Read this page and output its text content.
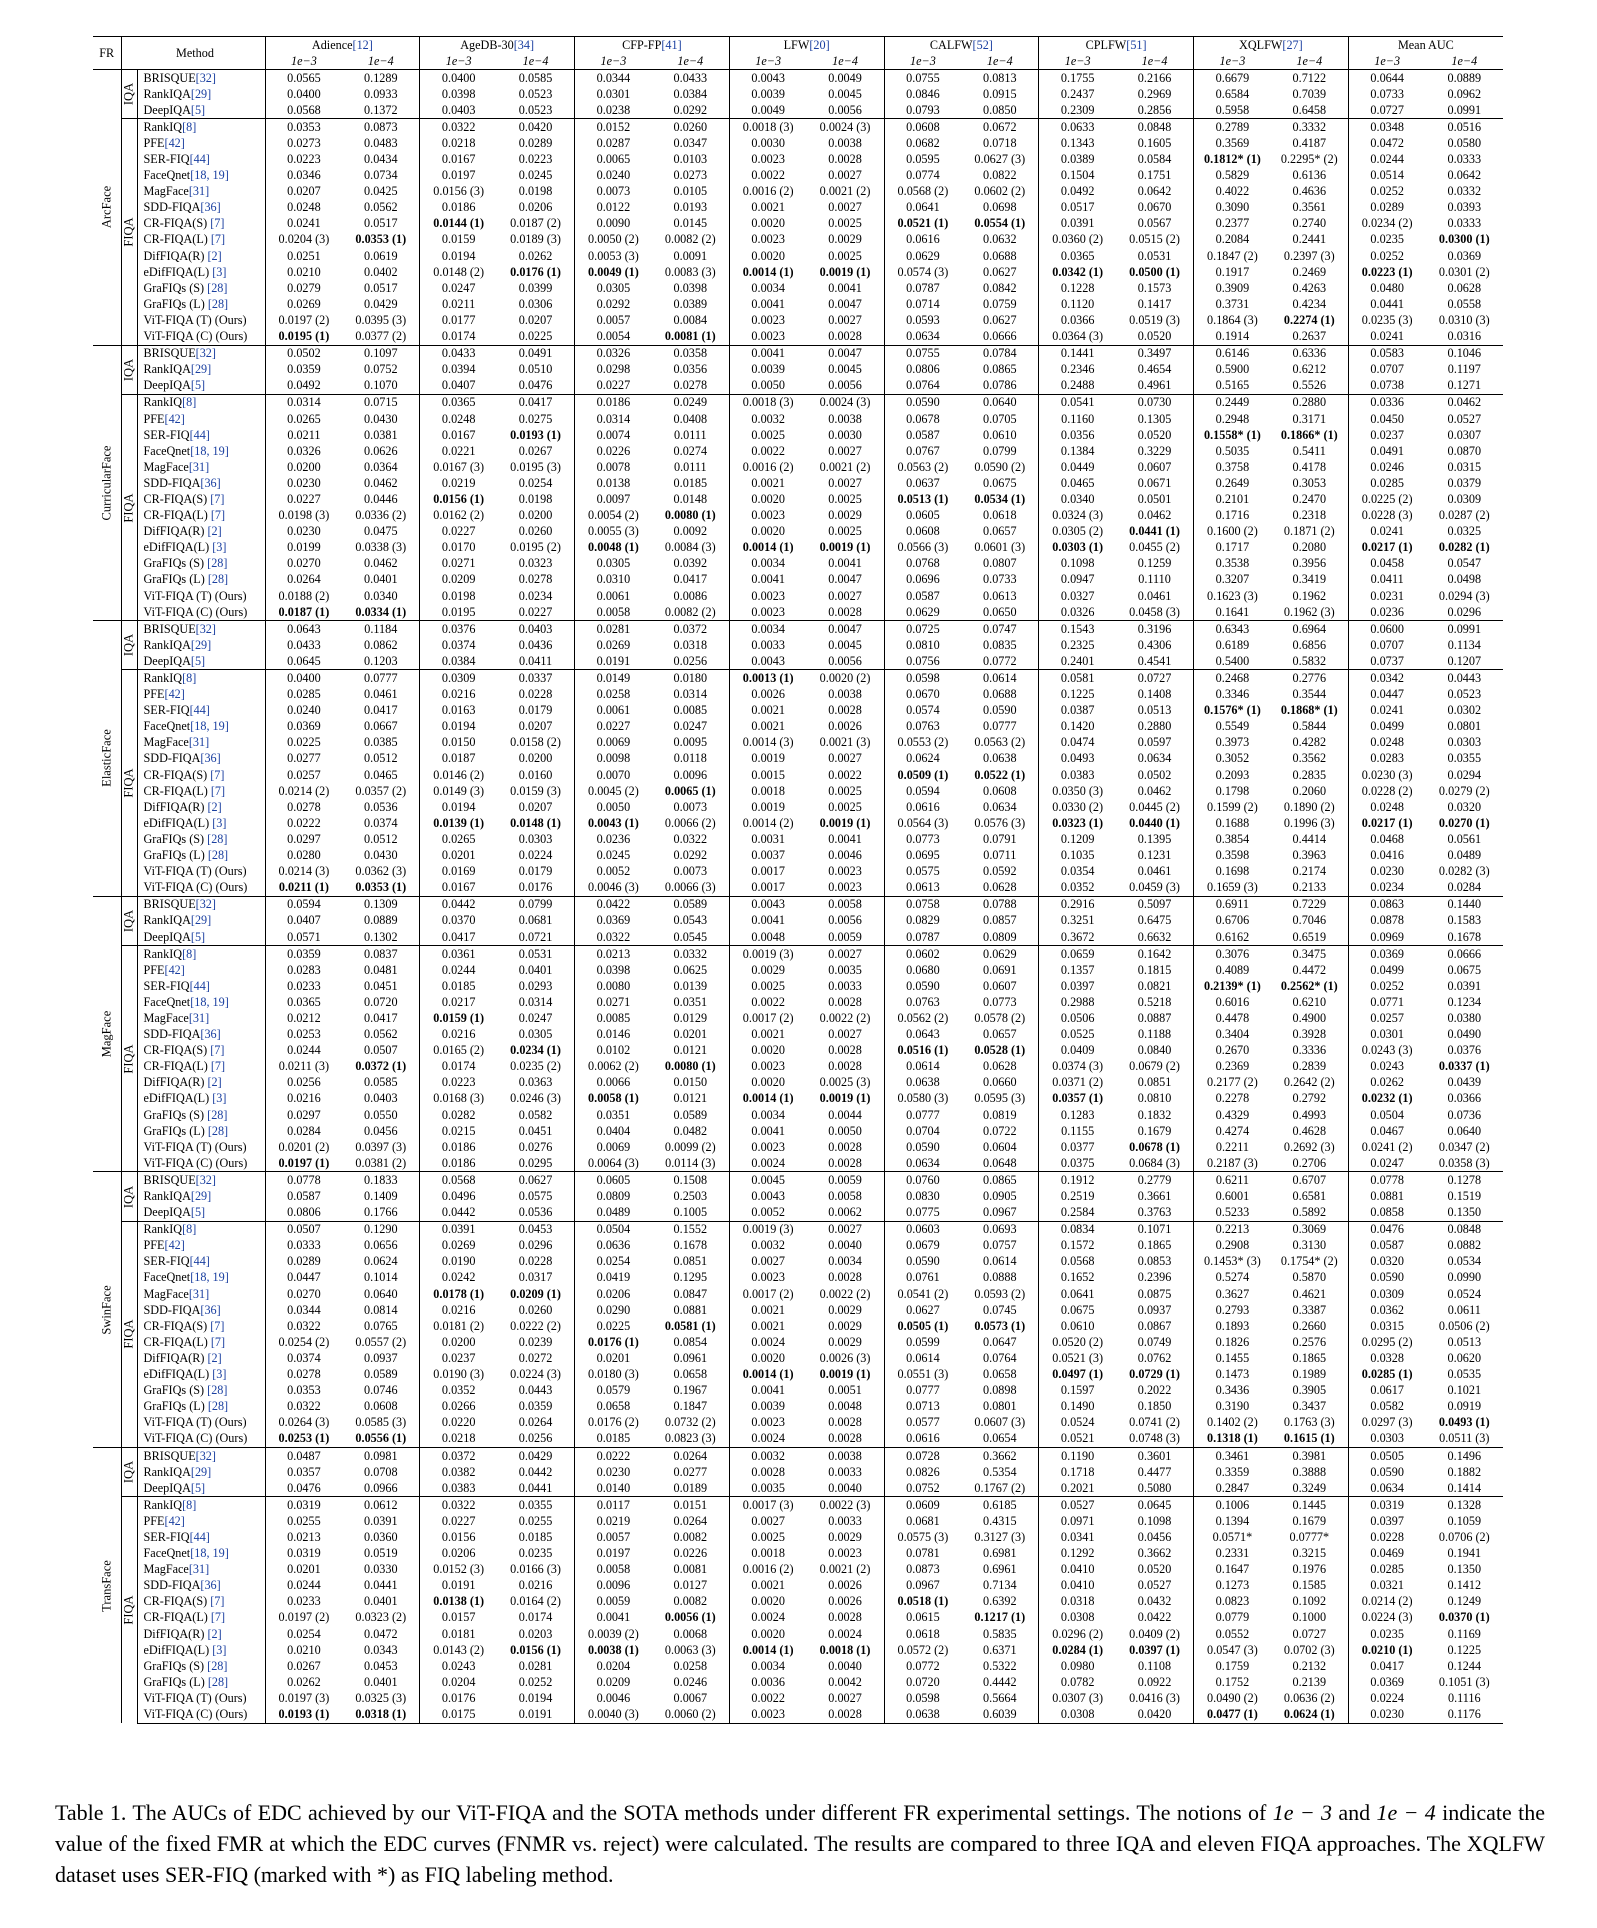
FR	Method		Adience[12]		AgeDB-30[34]		CFP-FP[41]		LFW[20]		CALFW[52]		CPLFW[51]		XQLFW[27]		Mean AUC	
			1e−3	1e−4	1e−3	1e−4	1e−3	1e−4	1e−3	1e−4	1e−3	1e−4	1e−3	1e−4	1e−3	1e−4	1e−3	1e−4

ArcFace	IQA	BRISQUE[32]	0.0565	0.1289	0.0400	0.0585	0.0344	0.0433	0.0043	0.0049	0.0755	0.0813	0.1755	0.2166	0.6679	0.7122	0.0644	0.0889
		RankIQA[29]	0.0400	0.0933	0.0398	0.0523	0.0301	0.0384	0.0039	0.0045	0.0846	0.0915	0.2437	0.2969	0.6584	0.7039	0.0733	0.0962
		DeepIQA[5]	0.0568	0.1372	0.0403	0.0523	0.0238	0.0292	0.0049	0.0056	0.0793	0.0850	0.2309	0.2856	0.5958	0.6458	0.0727	0.0991

	FIQA	RankIQ[8]	0.0353	0.0873	0.0322	0.0420	0.0152	0.0260	0.0018 (3)	0.0024 (3)	0.0608	0.0672	0.0633	0.0848	0.2789	0.3332	0.0348	0.0516
		PFE[42]	0.0273	0.0483	0.0218	0.0289	0.0287	0.0347	0.0030	0.0038	0.0682	0.0718	0.1343	0.1605	0.3569	0.4187	0.0472	0.0580
		SER-FIQ[44]	0.0223	0.0434	0.0167	0.0223	0.0065	0.0103	0.0023	0.0028	0.0595	0.0627 (3)	0.0389	0.0584	0.1812* (1)	0.2295* (2)	0.0244	0.0333
		FaceQnet[18, 19]	0.0346	0.0734	0.0197	0.0245	0.0240	0.0273	0.0022	0.0027	0.0774	0.0822	0.1504	0.1751	0.5829	0.6136	0.0514	0.0642
		MagFace[31]	0.0207	0.0425	0.0156 (3)	0.0198	0.0073	0.0105	0.0016 (2)	0.0021 (2)	0.0568 (2)	0.0602 (2)	0.0492	0.0642	0.4022	0.4636	0.0252	0.0332
		SDD-FIQA[36]	0.0248	0.0562	0.0186	0.0206	0.0122	0.0193	0.0021	0.0027	0.0641	0.0698	0.0517	0.0670	0.3090	0.3561	0.0289	0.0393
		CR-FIQA(S) [7]	0.0241	0.0517	0.0144 (1)	0.0187 (2)	0.0090	0.0145	0.0020	0.0025	0.0521 (1)	0.0554 (1)	0.0391	0.0567	0.2377	0.2740	0.0234 (2)	0.0333
		CR-FIQA(L) [7]	0.0204 (3)	0.0353 (1)	0.0159	0.0189 (3)	0.0050 (2)	0.0082 (2)	0.0023	0.0029	0.0616	0.0632	0.0360 (2)	0.0515 (2)	0.2084	0.2441	0.0235	0.0300 (1)
		DifFIQA(R) [2]	0.0251	0.0619	0.0194	0.0262	0.0053 (3)	0.0091	0.0020	0.0025	0.0629	0.0688	0.0365	0.0531	0.1847 (2)	0.2397 (3)	0.0252	0.0369
		eDifFIQA(L) [3]	0.0210	0.0402	0.0148 (2)	0.0176 (1)	0.0049 (1)	0.0083 (3)	0.0014 (1)	0.0019 (1)	0.0574 (3)	0.0627	0.0342 (1)	0.0500 (1)	0.1917	0.2469	0.0223 (1)	0.0301 (2)
		GraFIQs (S) [28]	0.0279	0.0517	0.0247	0.0399	0.0305	0.0398	0.0034	0.0041	0.0787	0.0842	0.1228	0.1573	0.3909	0.4263	0.0480	0.0628
		GraFIQs (L) [28]	0.0269	0.0429	0.0211	0.0306	0.0292	0.0389	0.0041	0.0047	0.0714	0.0759	0.1120	0.1417	0.3731	0.4234	0.0441	0.0558
		ViT-FIQA (T) (Ours)	0.0197 (2)	0.0395 (3)	0.0177	0.0207	0.0057	0.0084	0.0023	0.0027	0.0593	0.0627	0.0366	0.0519 (3)	0.1864 (3)	0.2274 (1)	0.0235 (3)	0.0310 (3)
		ViT-FIQA (C) (Ours)	0.0195 (1)	0.0377 (2)	0.0174	0.0225	0.0054	0.0081 (1)	0.0023	0.0028	0.0634	0.0666	0.0364 (3)	0.0520	0.1914	0.2637	0.0241	0.0316

CurricularFace	IQA	BRISQUE[32]	0.0502	0.1097	0.0433	0.0491	0.0326	0.0358	0.0041	0.0047	0.0755	0.0784	0.1441	0.3497	0.6146	0.6336	0.0583	0.1046
		RankIQA[29]	0.0359	0.0752	0.0394	0.0510	0.0298	0.0356	0.0039	0.0045	0.0806	0.0865	0.2346	0.4654	0.5900	0.6212	0.0707	0.1197
		DeepIQA[5]	0.0492	0.1070	0.0407	0.0476	0.0227	0.0278	0.0050	0.0056	0.0764	0.0786	0.2488	0.4961	0.5165	0.5526	0.0738	0.1271

	FIQA	RankIQ[8]	0.0314	0.0715	0.0365	0.0417	0.0186	0.0249	0.0018 (3)	0.0024 (3)	0.0590	0.0640	0.0541	0.0730	0.2449	0.2880	0.0336	0.0462
		PFE[42]	0.0265	0.0430	0.0248	0.0275	0.0314	0.0408	0.0032	0.0038	0.0678	0.0705	0.1160	0.1305	0.2948	0.3171	0.0450	0.0527
		SER-FIQ[44]	0.0211	0.0381	0.0167	0.0193 (1)	0.0074	0.0111	0.0025	0.0030	0.0587	0.0610	0.0356	0.0520	0.1558* (1)	0.1866* (1)	0.0237	0.0307
		FaceQnet[18, 19]	0.0326	0.0626	0.0221	0.0267	0.0226	0.0274	0.0022	0.0027	0.0767	0.0799	0.1384	0.3229	0.5035	0.5411	0.0491	0.0870
		MagFace[31]	0.0200	0.0364	0.0167 (3)	0.0195 (3)	0.0078	0.0111	0.0016 (2)	0.0021 (2)	0.0563 (2)	0.0590 (2)	0.0449	0.0607	0.3758	0.4178	0.0246	0.0315
		SDD-FIQA[36]	0.0230	0.0462	0.0219	0.0254	0.0138	0.0185	0.0021	0.0027	0.0637	0.0675	0.0465	0.0671	0.2649	0.3053	0.0285	0.0379
		CR-FIQA(S) [7]	0.0227	0.0446	0.0156 (1)	0.0198	0.0097	0.0148	0.0020	0.0025	0.0513 (1)	0.0534 (1)	0.0340	0.0501	0.2101	0.2470	0.0225 (2)	0.0309
		CR-FIQA(L) [7]	0.0198 (3)	0.0336 (2)	0.0162 (2)	0.0200	0.0054 (2)	0.0080 (1)	0.0023	0.0029	0.0605	0.0618	0.0324 (3)	0.0462	0.1716	0.2318	0.0228 (3)	0.0287 (2)
		DifFIQA(R) [2]	0.0230	0.0475	0.0227	0.0260	0.0055 (3)	0.0092	0.0020	0.0025	0.0608	0.0657	0.0305 (2)	0.0441 (1)	0.1600 (2)	0.1871 (2)	0.0241	0.0325
		eDifFIQA(L) [3]	0.0199	0.0338 (3)	0.0170	0.0195 (2)	0.0048 (1)	0.0084 (3)	0.0014 (1)	0.0019 (1)	0.0566 (3)	0.0601 (3)	0.0303 (1)	0.0455 (2)	0.1717	0.2080	0.0217 (1)	0.0282 (1)
		GraFIQs (S) [28]	0.0270	0.0462	0.0271	0.0323	0.0305	0.0392	0.0034	0.0041	0.0768	0.0807	0.1098	0.1259	0.3538	0.3956	0.0458	0.0547
		GraFIQs (L) [28]	0.0264	0.0401	0.0209	0.0278	0.0310	0.0417	0.0041	0.0047	0.0696	0.0733	0.0947	0.1110	0.3207	0.3419	0.0411	0.0498
		ViT-FIQA (T) (Ours)	0.0188 (2)	0.0340	0.0198	0.0234	0.0061	0.0086	0.0023	0.0027	0.0587	0.0613	0.0327	0.0461	0.1623 (3)	0.1962	0.0231	0.0294 (3)
		ViT-FIQA (C) (Ours)	0.0187 (1)	0.0334 (1)	0.0195	0.0227	0.0058	0.0082 (2)	0.0023	0.0028	0.0629	0.0650	0.0326	0.0458 (3)	0.1641	0.1962 (3)	0.0236	0.0296

ElasticFace	IQA	BRISQUE[32]	0.0643	0.1184	0.0376	0.0403	0.0281	0.0372	0.0034	0.0047	0.0725	0.0747	0.1543	0.3196	0.6343	0.6964	0.0600	0.0991
		RankIQA[29]	0.0433	0.0862	0.0374	0.0436	0.0269	0.0318	0.0033	0.0045	0.0810	0.0835	0.2325	0.4306	0.6189	0.6856	0.0707	0.1134
		DeepIQA[5]	0.0645	0.1203	0.0384	0.0411	0.0191	0.0256	0.0043	0.0056	0.0756	0.0772	0.2401	0.4541	0.5400	0.5832	0.0737	0.1207

	FIQA	RankIQ[8]	0.0400	0.0777	0.0309	0.0337	0.0149	0.0180	0.0013 (1)	0.0020 (2)	0.0598	0.0614	0.0581	0.0727	0.2468	0.2776	0.0342	0.0443
		PFE[42]	0.0285	0.0461	0.0216	0.0228	0.0258	0.0314	0.0026	0.0038	0.0670	0.0688	0.1225	0.1408	0.3346	0.3544	0.0447	0.0523
		SER-FIQ[44]	0.0240	0.0417	0.0163	0.0179	0.0061	0.0085	0.0021	0.0028	0.0574	0.0590	0.0387	0.0513	0.1576* (1)	0.1868* (1)	0.0241	0.0302
		FaceQnet[18, 19]	0.0369	0.0667	0.0194	0.0207	0.0227	0.0247	0.0021	0.0026	0.0763	0.0777	0.1420	0.2880	0.5549	0.5844	0.0499	0.0801
		MagFace[31]	0.0225	0.0385	0.0150	0.0158 (2)	0.0069	0.0095	0.0014 (3)	0.0021 (3)	0.0553 (2)	0.0563 (2)	0.0474	0.0597	0.3973	0.4282	0.0248	0.0303
		SDD-FIQA[36]	0.0277	0.0512	0.0187	0.0200	0.0098	0.0118	0.0019	0.0027	0.0624	0.0638	0.0493	0.0634	0.3052	0.3562	0.0283	0.0355
		CR-FIQA(S) [7]	0.0257	0.0465	0.0146 (2)	0.0160	0.0070	0.0096	0.0015	0.0022	0.0509 (1)	0.0522 (1)	0.0383	0.0502	0.2093	0.2835	0.0230 (3)	0.0294
		CR-FIQA(L) [7]	0.0214 (2)	0.0357 (2)	0.0149 (3)	0.0159 (3)	0.0045 (2)	0.0065 (1)	0.0018	0.0025	0.0594	0.0608	0.0350 (3)	0.0462	0.1798	0.2060	0.0228 (2)	0.0279 (2)
		DifFIQA(R) [2]	0.0278	0.0536	0.0194	0.0207	0.0050	0.0073	0.0019	0.0025	0.0616	0.0634	0.0330 (2)	0.0445 (2)	0.1599 (2)	0.1890 (2)	0.0248	0.0320
		eDifFIQA(L) [3]	0.0222	0.0374	0.0139 (1)	0.0148 (1)	0.0043 (1)	0.0066 (2)	0.0014 (2)	0.0019 (1)	0.0564 (3)	0.0576 (3)	0.0323 (1)	0.0440 (1)	0.1688	0.1996 (3)	0.0217 (1)	0.0270 (1)
		GraFIQs (S) [28]	0.0297	0.0512	0.0265	0.0303	0.0236	0.0322	0.0031	0.0041	0.0773	0.0791	0.1209	0.1395	0.3854	0.4414	0.0468	0.0561
		GraFIQs (L) [28]	0.0280	0.0430	0.0201	0.0224	0.0245	0.0292	0.0037	0.0046	0.0695	0.0711	0.1035	0.1231	0.3598	0.3963	0.0416	0.0489
		ViT-FIQA (T) (Ours)	0.0214 (3)	0.0362 (3)	0.0169	0.0179	0.0052	0.0073	0.0017	0.0023	0.0575	0.0592	0.0354	0.0461	0.1698	0.2174	0.0230	0.0282 (3)
		ViT-FIQA (C) (Ours)	0.0211 (1)	0.0353 (1)	0.0167	0.0176	0.0046 (3)	0.0066 (3)	0.0017	0.0023	0.0613	0.0628	0.0352	0.0459 (3)	0.1659 (3)	0.2133	0.0234	0.0284

MagFace	IQA	BRISQUE[32]	0.0594	0.1309	0.0442	0.0799	0.0422	0.0589	0.0043	0.0058	0.0758	0.0788	0.2916	0.5097	0.6911	0.7229	0.0863	0.1440
		RankIQA[29]	0.0407	0.0889	0.0370	0.0681	0.0369	0.0543	0.0041	0.0056	0.0829	0.0857	0.3251	0.6475	0.6706	0.7046	0.0878	0.1583
		DeepIQA[5]	0.0571	0.1302	0.0417	0.0721	0.0322	0.0545	0.0048	0.0059	0.0787	0.0809	0.3672	0.6632	0.6162	0.6519	0.0969	0.1678

	FIQA	RankIQ[8]	0.0359	0.0837	0.0361	0.0531	0.0213	0.0332	0.0019 (3)	0.0027	0.0602	0.0629	0.0659	0.1642	0.3076	0.3475	0.0369	0.0666
		PFE[42]	0.0283	0.0481	0.0244	0.0401	0.0398	0.0625	0.0029	0.0035	0.0680	0.0691	0.1357	0.1815	0.4089	0.4472	0.0499	0.0675
		SER-FIQ[44]	0.0233	0.0451	0.0185	0.0293	0.0080	0.0139	0.0025	0.0033	0.0590	0.0607	0.0397	0.0821	0.2139* (1)	0.2562* (1)	0.0252	0.0391
		FaceQnet[18, 19]	0.0365	0.0720	0.0217	0.0314	0.0271	0.0351	0.0022	0.0028	0.0763	0.0773	0.2988	0.5218	0.6016	0.6210	0.0771	0.1234
		MagFace[31]	0.0212	0.0417	0.0159 (1)	0.0247	0.0085	0.0129	0.0017 (2)	0.0022 (2)	0.0562 (2)	0.0578 (2)	0.0506	0.0887	0.4478	0.4900	0.0257	0.0380
		SDD-FIQA[36]	0.0253	0.0562	0.0216	0.0305	0.0146	0.0201	0.0021	0.0027	0.0643	0.0657	0.0525	0.1188	0.3404	0.3928	0.0301	0.0490
		CR-FIQA(S) [7]	0.0244	0.0507	0.0165 (2)	0.0234 (1)	0.0102	0.0121	0.0020	0.0028	0.0516 (1)	0.0528 (1)	0.0409	0.0840	0.2670	0.3336	0.0243 (3)	0.0376
		CR-FIQA(L) [7]	0.0211 (3)	0.0372 (1)	0.0174	0.0235 (2)	0.0062 (2)	0.0080 (1)	0.0023	0.0028	0.0614	0.0628	0.0374 (3)	0.0679 (2)	0.2369	0.2839	0.0243	0.0337 (1)
		DifFIQA(R) [2]	0.0256	0.0585	0.0223	0.0363	0.0066	0.0150	0.0020	0.0025 (3)	0.0638	0.0660	0.0371 (2)	0.0851	0.2177 (2)	0.2642 (2)	0.0262	0.0439
		eDifFIQA(L) [3]	0.0216	0.0403	0.0168 (3)	0.0246 (3)	0.0058 (1)	0.0121	0.0014 (1)	0.0019 (1)	0.0580 (3)	0.0595 (3)	0.0357 (1)	0.0810	0.2278	0.2792	0.0232 (1)	0.0366
		GraFIQs (S) [28]	0.0297	0.0550	0.0282	0.0582	0.0351	0.0589	0.0034	0.0044	0.0777	0.0819	0.1283	0.1832	0.4329	0.4993	0.0504	0.0736
		GraFIQs (L) [28]	0.0284	0.0456	0.0215	0.0451	0.0404	0.0482	0.0041	0.0050	0.0704	0.0722	0.1155	0.1679	0.4274	0.4628	0.0467	0.0640
		ViT-FIQA (T) (Ours)	0.0201 (2)	0.0397 (3)	0.0186	0.0276	0.0069	0.0099 (2)	0.0023	0.0028	0.0590	0.0604	0.0377	0.0678 (1)	0.2211	0.2692 (3)	0.0241 (2)	0.0347 (2)
		ViT-FIQA (C) (Ours)	0.0197 (1)	0.0381 (2)	0.0186	0.0295	0.0064 (3)	0.0114 (3)	0.0024	0.0028	0.0634	0.0648	0.0375	0.0684 (3)	0.2187 (3)	0.2706	0.0247	0.0358 (3)

SwinFace	IQA	BRISQUE[32]	0.0778	0.1833	0.0568	0.0627	0.0605	0.1508	0.0045	0.0059	0.0760	0.0865	0.1912	0.2779	0.6211	0.6707	0.0778	0.1278
		RankIQA[29]	0.0587	0.1409	0.0496	0.0575	0.0809	0.2503	0.0043	0.0058	0.0830	0.0905	0.2519	0.3661	0.6001	0.6581	0.0881	0.1519
		DeepIQA[5]	0.0806	0.1766	0.0442	0.0536	0.0489	0.1005	0.0052	0.0062	0.0775	0.0967	0.2584	0.3763	0.5233	0.5892	0.0858	0.1350

	FIQA	RankIQ[8]	0.0507	0.1290	0.0391	0.0453	0.0504	0.1552	0.0019 (3)	0.0027	0.0603	0.0693	0.0834	0.1071	0.2213	0.3069	0.0476	0.0848
		PFE[42]	0.0333	0.0656	0.0269	0.0296	0.0636	0.1678	0.0032	0.0040	0.0679	0.0757	0.1572	0.1865	0.2908	0.3130	0.0587	0.0882
		SER-FIQ[44]	0.0289	0.0624	0.0190	0.0228	0.0254	0.0851	0.0027	0.0034	0.0590	0.0614	0.0568	0.0853	0.1453* (3)	0.1754* (2)	0.0320	0.0534
		FaceQnet[18, 19]	0.0447	0.1014	0.0242	0.0317	0.0419	0.1295	0.0023	0.0028	0.0761	0.0888	0.1652	0.2396	0.5274	0.5870	0.0590	0.0990
		MagFace[31]	0.0270	0.0640	0.0178 (1)	0.0209 (1)	0.0206	0.0847	0.0017 (2)	0.0022 (2)	0.0541 (2)	0.0593 (2)	0.0641	0.0875	0.3627	0.4621	0.0309	0.0524
		SDD-FIQA[36]	0.0344	0.0814	0.0216	0.0260	0.0290	0.0881	0.0021	0.0029	0.0627	0.0745	0.0675	0.0937	0.2793	0.3387	0.0362	0.0611
		CR-FIQA(S) [7]	0.0322	0.0765	0.0181 (2)	0.0222 (2)	0.0225	0.0581 (1)	0.0021	0.0029	0.0505 (1)	0.0573 (1)	0.0610	0.0867	0.1893	0.2660	0.0315	0.0506 (2)
		CR-FIQA(L) [7]	0.0254 (2)	0.0557 (2)	0.0200	0.0239	0.0176 (1)	0.0854	0.0024	0.0029	0.0599	0.0647	0.0520 (2)	0.0749	0.1826	0.2576	0.0295 (2)	0.0513
		DifFIQA(R) [2]	0.0374	0.0937	0.0237	0.0272	0.0201	0.0961	0.0020	0.0026 (3)	0.0614	0.0764	0.0521 (3)	0.0762	0.1455	0.1865	0.0328	0.0620
		eDifFIQA(L) [3]	0.0278	0.0589	0.0190 (3)	0.0224 (3)	0.0180 (3)	0.0658	0.0014 (1)	0.0019 (1)	0.0551 (3)	0.0658	0.0497 (1)	0.0729 (1)	0.1473	0.1989	0.0285 (1)	0.0535
		GraFIQs (S) [28]	0.0353	0.0746	0.0352	0.0443	0.0579	0.1967	0.0041	0.0051	0.0777	0.0898	0.1597	0.2022	0.3436	0.3905	0.0617	0.1021
		GraFIQs (L) [28]	0.0322	0.0608	0.0266	0.0359	0.0658	0.1847	0.0039	0.0048	0.0713	0.0801	0.1490	0.1850	0.3190	0.3437	0.0582	0.0919
		ViT-FIQA (T) (Ours)	0.0264 (3)	0.0585 (3)	0.0220	0.0264	0.0176 (2)	0.0732 (2)	0.0023	0.0028	0.0577	0.0607 (3)	0.0524	0.0741 (2)	0.1402 (2)	0.1763 (3)	0.0297 (3)	0.0493 (1)
		ViT-FIQA (C) (Ours)	0.0253 (1)	0.0556 (1)	0.0218	0.0256	0.0185	0.0823 (3)	0.0024	0.0028	0.0616	0.0654	0.0521	0.0748 (3)	0.1318 (1)	0.1615 (1)	0.0303	0.0511 (3)

TransFace	IQA	BRISQUE[32]	0.0487	0.0981	0.0372	0.0429	0.0222	0.0264	0.0032	0.0038	0.0728	0.3662	0.1190	0.3601	0.3461	0.3981	0.0505	0.1496
		RankIQA[29]	0.0357	0.0708	0.0382	0.0442	0.0230	0.0277	0.0028	0.0033	0.0826	0.5354	0.1718	0.4477	0.3359	0.3888	0.0590	0.1882
		DeepIQA[5]	0.0476	0.0966	0.0383	0.0441	0.0140	0.0189	0.0035	0.0040	0.0752	0.1767 (2)	0.2021	0.5080	0.2847	0.3249	0.0634	0.1414

	FIQA	RankIQ[8]	0.0319	0.0612	0.0322	0.0355	0.0117	0.0151	0.0017 (3)	0.0022 (3)	0.0609	0.6185	0.0527	0.0645	0.1006	0.1445	0.0319	0.1328
		PFE[42]	0.0255	0.0391	0.0227	0.0255	0.0219	0.0264	0.0027	0.0033	0.0681	0.4315	0.0971	0.1098	0.1394	0.1679	0.0397	0.1059
		SER-FIQ[44]	0.0213	0.0360	0.0156	0.0185	0.0057	0.0082	0.0025	0.0029	0.0575 (3)	0.3127 (3)	0.0341	0.0456	0.0571*	0.0777*	0.0228	0.0706 (2)
		FaceQnet[18, 19]	0.0319	0.0519	0.0206	0.0235	0.0197	0.0226	0.0018	0.0023	0.0781	0.6981	0.1292	0.3662	0.2331	0.3215	0.0469	0.1941
		MagFace[31]	0.0201	0.0330	0.0152 (3)	0.0166 (3)	0.0058	0.0081	0.0016 (2)	0.0021 (2)	0.0873	0.6961	0.0410	0.0520	0.1647	0.1976	0.0285	0.1350
		SDD-FIQA[36]	0.0244	0.0441	0.0191	0.0216	0.0096	0.0127	0.0021	0.0026	0.0967	0.7134	0.0410	0.0527	0.1273	0.1585	0.0321	0.1412
		CR-FIQA(S) [7]	0.0233	0.0401	0.0138 (1)	0.0164 (2)	0.0059	0.0082	0.0020	0.0026	0.0518 (1)	0.6392	0.0318	0.0432	0.0823	0.1092	0.0214 (2)	0.1249
		CR-FIQA(L) [7]	0.0197 (2)	0.0323 (2)	0.0157	0.0174	0.0041	0.0056 (1)	0.0024	0.0028	0.0615	0.1217 (1)	0.0308	0.0422	0.0779	0.1000	0.0224 (3)	0.0370 (1)
		DifFIQA(R) [2]	0.0254	0.0472	0.0181	0.0203	0.0039 (2)	0.0068	0.0020	0.0024	0.0618	0.5835	0.0296 (2)	0.0409 (2)	0.0552	0.0727	0.0235	0.1169
		eDifFIQA(L) [3]	0.0210	0.0343	0.0143 (2)	0.0156 (1)	0.0038 (1)	0.0063 (3)	0.0014 (1)	0.0018 (1)	0.0572 (2)	0.6371	0.0284 (1)	0.0397 (1)	0.0547 (3)	0.0702 (3)	0.0210 (1)	0.1225
		GraFIQs (S) [28]	0.0267	0.0453	0.0243	0.0281	0.0204	0.0258	0.0034	0.0040	0.0772	0.5322	0.0980	0.1108	0.1759	0.2132	0.0417	0.1244
		GraFIQs (L) [28]	0.0262	0.0401	0.0204	0.0252	0.0209	0.0246	0.0036	0.0042	0.0720	0.4442	0.0782	0.0922	0.1752	0.2139	0.0369	0.1051 (3)
		ViT-FIQA (T) (Ours)	0.0197 (3)	0.0325 (3)	0.0176	0.0194	0.0046	0.0067	0.0022	0.0027	0.0598	0.5664	0.0307 (3)	0.0416 (3)	0.0490 (2)	0.0636 (2)	0.0224	0.1116
		ViT-FIQA (C) (Ours)	0.0193 (1)	0.0318 (1)	0.0175	0.0191	0.0040 (3)	0.0060 (2)	0.0023	0.0028	0.0638	0.6039	0.0308	0.0420	0.0477 (1)	0.0624 (1)	0.0230	0.1176
Table 1. The AUCs of EDC achieved by our ViT-FIQA and the SOTA methods under different FR experimental settings. The notions of 1e − 3 and 1e − 4 indicate the value of the fixed FMR at which the EDC curves (FNMR vs. reject) were calculated. The results are compared to three IQA and eleven FIQA approaches. The XQLFW dataset uses SER-FIQ (marked with *) as FIQ labeling method.
